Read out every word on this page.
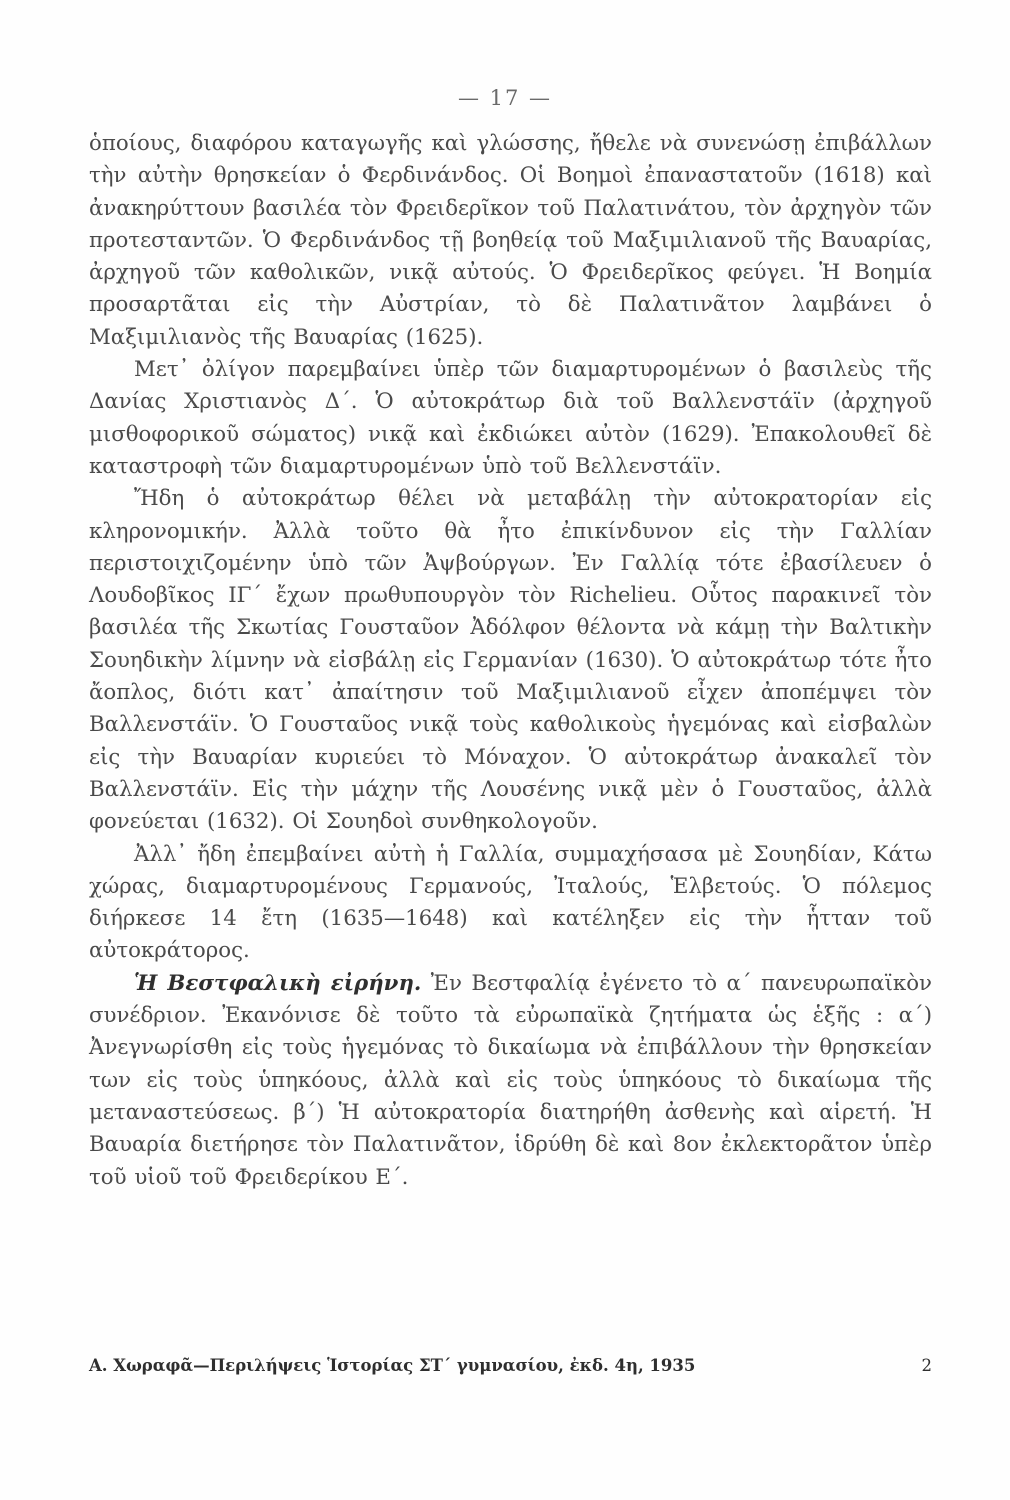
— 17 —

ὁποίους, διαφόρου καταγωγῆς καὶ γλώσσης, ἤθελε νὰ συνενώσῃ ἐπιβάλλων τὴν αὐτὴν θρησκείαν ὁ Φερδινάνδος. Οἱ Βοημοὶ ἐπαναστατοῦν (1618) καὶ ἀνακηρύττουν βασιλέα τὸν Φρειδερῖκον τοῦ Παλατινάτου, τὸν ἀρχηγὸν τῶν προτεσταντῶν. Ὁ Φερδινάνδος τῇ βοηθείᾳ τοῦ Μαξιμιλιανοῦ τῆς Βαυαρίας, ἀρχηγοῦ τῶν καθολικῶν, νικᾷ αὐτούς. Ὁ Φρειδερῖκος φεύγει. Ἡ Βοημία προσαρτᾶται εἰς τὴν Αὐστρίαν, τὸ δὲ Παλατινᾶτον λαμβάνει ὁ Μαξιμιλιανὸς τῆς Βαυαρίας (1625).

Μετ᾽ ὀλίγον παρεμβαίνει ὑπὲρ τῶν διαμαρτυρομένων ὁ βασιλεὺς τῆς Δανίας Χριστιανὸς Δ΄. Ὁ αὐτοκράτωρ διὰ τοῦ Βαλλενστάϊν (ἀρχηγοῦ μισθοφορικοῦ σώματος) νικᾷ καὶ ἐκδιώκει αὐτὸν (1629). Ἐπακολουθεῖ δὲ καταστροφὴ τῶν διαμαρτυρομένων ὑπὸ τοῦ Βελλενστάϊν.

Ἤδη ὁ αὐτοκράτωρ θέλει νὰ μεταβάλῃ τὴν αὐτοκρατορίαν εἰς κληρονομικήν. Ἀλλὰ τοῦτο θὰ ἦτο ἐπικίνδυνον εἰς τὴν Γαλλίαν περιστοιχιζομένην ὑπὸ τῶν Ἀψβούργων. Ἐν Γαλλίᾳ τότε ἐβασίλευεν ὁ Λουδοβῖκος ΙΓ΄ ἔχων πρωθυπουργὸν τὸν Richelieu. Οὗτος παρακινεῖ τὸν βασιλέα τῆς Σκωτίας Γουσταῦον Ἀδόλφον θέλοντα νὰ κάμῃ τὴν Βαλτικὴν Σουηδικὴν λίμνην νὰ εἰσβάλῃ εἰς Γερμανίαν (1630). Ὁ αὐτοκράτωρ τότε ἦτο ἄοπλος, διότι κατ᾽ ἀπαίτησιν τοῦ Μαξιμιλιανοῦ εἶχεν ἀποπέμψει τὸν Βαλλενστάϊν. Ὁ Γουσταῦος νικᾷ τοὺς καθολικοὺς ἡγεμόνας καὶ εἰσβαλὼν εἰς τὴν Βαυαρίαν κυριεύει τὸ Μόναχον. Ὁ αὐτοκράτωρ ἀνακαλεῖ τὸν Βαλλενστάϊν. Εἰς τὴν μάχην τῆς Λουσένης νικᾷ μὲν ὁ Γουσταῦος, ἀλλὰ φονεύεται (1632). Οἱ Σουηδοὶ συνθηκολογοῦν.

Ἀλλ᾽ ἤδη ἐπεμβαίνει αὐτὴ ἡ Γαλλία, συμμαχήσασα μὲ Σουηδίαν, Κάτω χώρας, διαμαρτυρομένους Γερμανούς, Ἰταλούς, Ἑλβετούς. Ὁ πόλεμος διήρκεσε 14 ἔτη (1635—1648) καὶ κατέληξεν εἰς τὴν ἧτταν τοῦ αὐτοκράτορος.

Ἡ Βεστφαλικὴ εἰρήνη. Ἐν Βεστφαλίᾳ ἐγένετο τὸ α΄ πανευρωπαϊκὸν συνέδριον. Ἐκανόνισε δὲ τοῦτο τὰ εὐρωπαϊκὰ ζητήματα ὡς ἑξῆς : α΄) Ἀνεγνωρίσθη εἰς τοὺς ἡγεμόνας τὸ δικαίωμα νὰ ἐπιβάλλουν τὴν θρησκείαν των εἰς τοὺς ὑπηκόους, ἀλλὰ καὶ εἰς τοὺς ὑπηκόους τὸ δικαίωμα τῆς μεταναστεύσεως. β΄) Ἡ αὐτοκρατορία διατηρήθη ἀσθενὴς καὶ αἱρετή. Ἡ Βαυαρία διετήρησε τὸν Παλατινᾶτον, ἱδρύθη δὲ καὶ 8ον ἐκλεκτορᾶτον ὑπὲρ τοῦ υἱοῦ τοῦ Φρειδερίκου Ε΄.

Α. Χωραφᾶ—Περιλήψεις Ἱστορίας ΣΤ΄ γυμνασίου, ἐκδ. 4η, 1935	2
